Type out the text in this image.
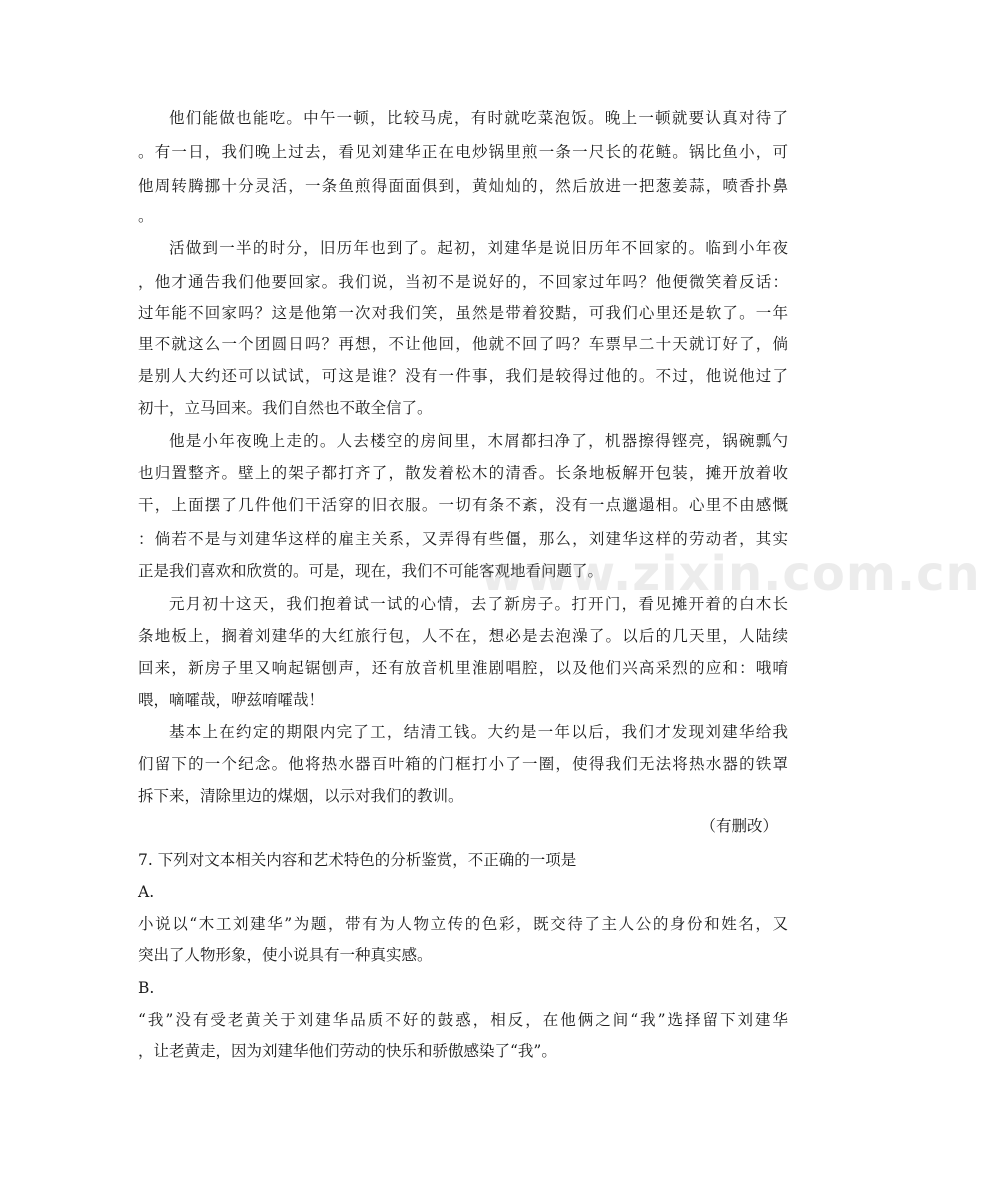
他们能做也能吃。中午一顿，比较马虎，有时就吃菜泡饭。晚上一顿就要认真对待了
。有一日，我们晚上过去，看见刘建华正在电炒锅里煎一条一尺长的花鲢。锅比鱼小，可
他周转腾挪十分灵活，一条鱼煎得面面俱到，黄灿灿的，然后放进一把葱姜蒜，喷香扑鼻
。
活做到一半的时分，旧历年也到了。起初，刘建华是说旧历年不回家的。临到小年夜
，他才通告我们他要回家。我们说，当初不是说好的，不回家过年吗？他便微笑着反话：
过年能不回家吗？这是他第一次对我们笑，虽然是带着狡黠，可我们心里还是软了。一年
里不就这么一个团圆日吗？再想，不让他回，他就不回了吗？车票早二十天就订好了，倘
是别人大约还可以试试，可这是谁？没有一件事，我们是较得过他的。不过，他说他过了
初十，立马回来。我们自然也不敢全信了。
他是小年夜晚上走的。人去楼空的房间里，木屑都扫净了，机器擦得铿亮，锅碗瓢勺
也归置整齐。壁上的架子都打齐了，散发着松木的清香。长条地板解开包装，摊开放着收
干，上面摆了几件他们干活穿的旧衣服。一切有条不紊，没有一点邋遢相。心里不由感慨
：倘若不是与刘建华这样的雇主关系，又弄得有些僵，那么，刘建华这样的劳动者，其实
正是我们喜欢和欣赏的。可是，现在，我们不可能客观地看问题了。
元月初十这天，我们抱着试一试的心情，去了新房子。打开门，看见摊开着的白木长
条地板上，搁着刘建华的大红旅行包，人不在，想必是去泡澡了。以后的几天里，人陆续
回来，新房子里又响起锯刨声，还有放音机里淮剧唱腔，以及他们兴高采烈的应和：哦唷
喂，嘀嚯哉，咿兹唷嚯哉！
基本上在约定的期限内完了工，结清工钱。大约是一年以后，我们才发现刘建华给我
们留下的一个纪念。他将热水器百叶箱的门框打小了一圈，使得我们无法将热水器的铁罩
拆下来，清除里边的煤烟，以示对我们的教训。
（有删改）
7. 下列对文本相关内容和艺术特色的分析鉴赏，不正确的一项是
A.
小说以“木工刘建华”为题，带有为人物立传的色彩，既交待了主人公的身份和姓名，又
突出了人物形象，使小说具有一种真实感。
B.
“我”没有受老黄关于刘建华品质不好的鼓惑，相反，在他俩之间“我”选择留下刘建华
，让老黄走，因为刘建华他们劳动的快乐和骄傲感染了“我”。
www.zixin.com.cn
